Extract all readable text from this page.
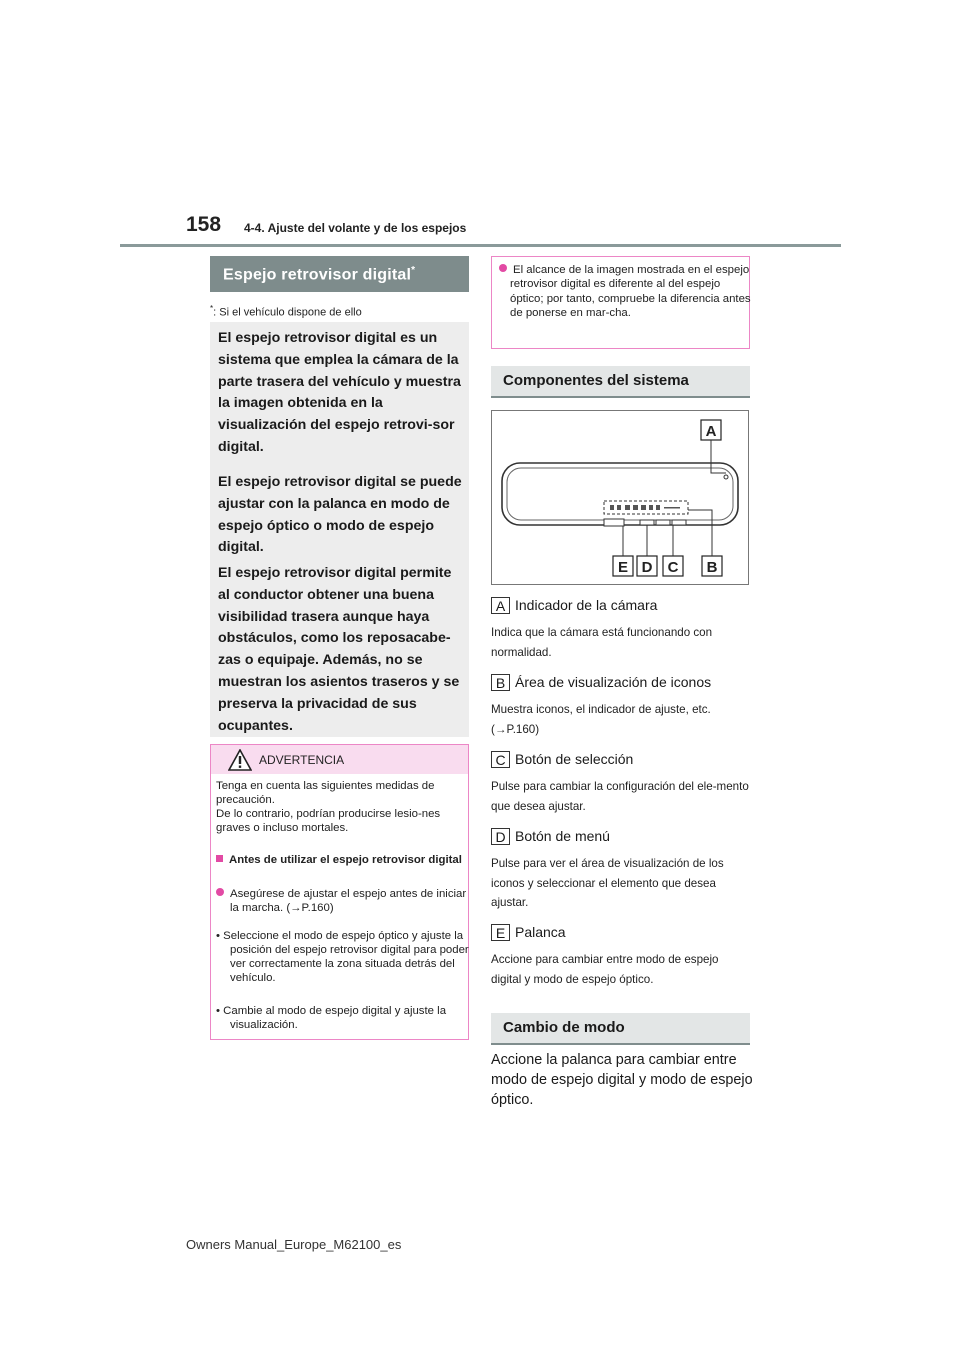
158 4-4. Ajuste del volante y de los espejos
Espejo retrovisor digital*
*: Si el vehículo dispone de ello

El espejo retrovisor digital es un sistema que emplea la cámara de la parte trasera del vehículo y muestra la imagen obtenida en la visualización del espejo retrovi-sor digital.

El espejo retrovisor digital se puede ajustar con la palanca en modo de espejo óptico o modo de espejo digital.

El espejo retrovisor digital permite al conductor obtener una buena visibilidad trasera aunque haya obstáculos, como los reposacabe-zas o equipaje. Además, no se muestran los asientos traseros y se preserva la privacidad de sus ocupantes.

ADVERTENCIA
Tenga en cuenta las siguientes medidas de precaución.
De lo contrario, podrían producirse lesio-nes graves o incluso mortales.
Antes de utilizar el espejo retrovisor digital
Asegúrese de ajustar el espejo antes de iniciar la marcha. (→P.160)
• Seleccione el modo de espejo óptico y ajuste la posición del espejo retrovisor digital para poder ver correctamente la zona situada detrás del vehículo.
• Cambie al modo de espejo digital y ajuste la visualización.
El alcance de la imagen mostrada en el espejo retrovisor digital es diferente al del espejo óptico; por tanto, compruebe la diferencia antes de ponerse en mar-cha.
Componentes del sistema
A
E D C B
A Indicador de la cámara
Indica que la cámara está funcionando con normalidad.
B Área de visualización de iconos
Muestra iconos, el indicador de ajuste, etc. (→P.160)
C Botón de selección
Pulse para cambiar la configuración del ele-mento que desea ajustar.
D Botón de menú
Pulse para ver el área de visualización de los iconos y seleccionar el elemento que desea ajustar.
E Palanca
Accione para cambiar entre modo de espejo digital y modo de espejo óptico.
Cambio de modo
Accione la palanca para cambiar entre modo de espejo digital y modo de espejo óptico.
Owners Manual_Europe_M62100_es
